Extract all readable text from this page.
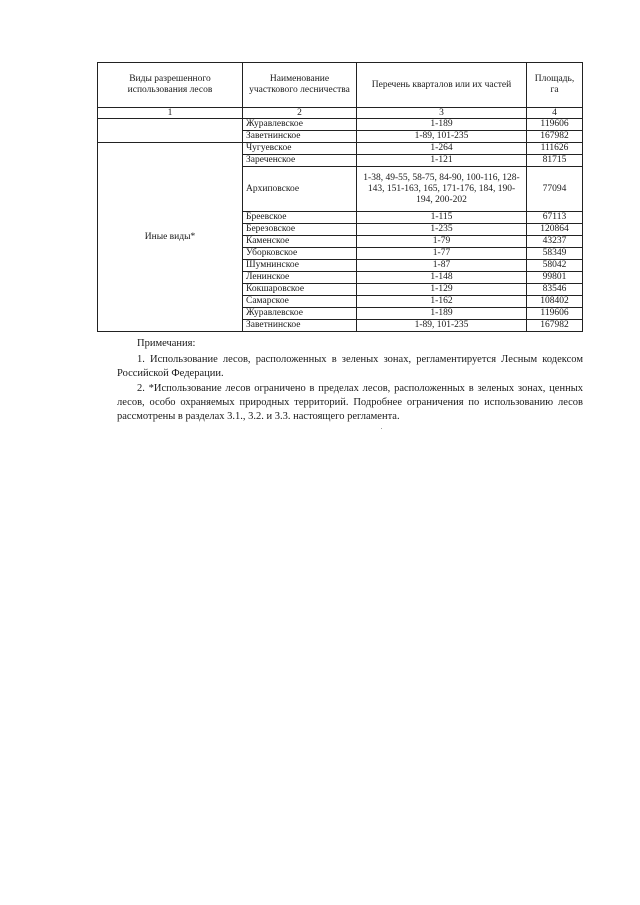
Виды разрешенного использования лесов	Наименование участкового лесничества	Перечень кварталов или их частей	Площадь, га
1	2	3	4
	Журавлевское	1-189	119606
	Заветнинское	1-89, 101-235	167982
Иные виды*	Чугуевское	1-264	111626
	Зареченское	1-121	81715
	Архиповское	1-38, 49-55, 58-75, 84-90, 100-116, 128-143, 151-163, 165, 171-176, 184, 190-194, 200-202	77094
	Бреевское	1-115	67113
	Березовское	1-235	120864
	Каменское	1-79	43237
	Уборковское	1-77	58349
	Шумнинское	1-87	58042
	Ленинское	1-148	99801
	Кокшаровское	1-129	83546
	Самарское	1-162	108402
	Журавлевское	1-189	119606
	Заветнинское	1-89, 101-235	167982
Примечания:

1. Использование лесов, расположенных в зеленых зонах, регламентируется Лесным кодексом Российской Федерации.

2. *Использование лесов ограничено в пределах лесов, расположенных в зеленых зонах, ценных лесов, особо охраняемых природных территорий. Подробнее ограничения по использованию лесов рассмотрены в разделах 3.1., 3.2. и 3.3. настоящего регламента.
